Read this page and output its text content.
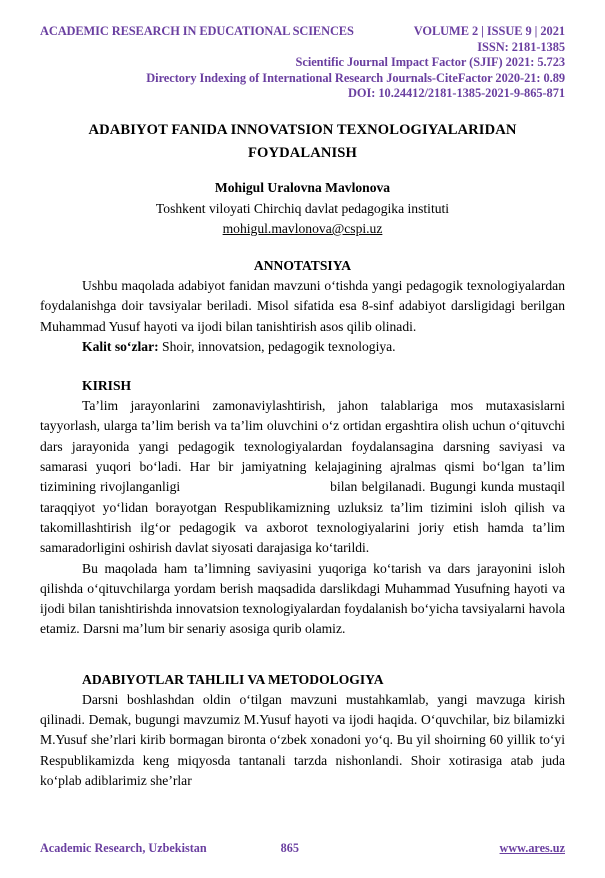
ACADEMIC RESEARCH IN EDUCATIONAL SCIENCES	VOLUME 2 | ISSUE 9 | 2021
ISSN: 2181-1385
Scientific Journal Impact Factor (SJIF) 2021: 5.723
Directory Indexing of International Research Journals-CiteFactor 2020-21: 0.89
DOI: 10.24412/2181-1385-2021-9-865-871
ADABIYOT FANIDA INNOVATSION TEXNOLOGIYALARIDAN FOYDALANISH
Mohigul Uralovna Mavlonova
Toshkent viloyati Chirchiq davlat pedagogika instituti
mohigul.mavlonova@cspi.uz
ANNOTATSIYA

Ushbu maqolada adabiyot fanidan mavzuni o‘tishda yangi pedagogik texnologiyalardan foydalanishga doir tavsiyalar beriladi. Misol sifatida esa 8-sinf adabiyot darsligidagi berilgan Muhammad Yusuf hayoti va ijodi bilan tanishtirish asos qilib olinadi.

Kalit so‘zlar: Shoir, innovatsion, pedagogik texnologiya.

KIRISH

Ta’lim jarayonlarini zamonaviylashtirish, jahon talablariga mos mutaxasislarni tayyorlash, ularga ta’lim berish va ta’lim oluvchini o‘z ortidan ergashtira olish uchun o‘qituvchi dars jarayonida yangi pedagogik texnologiyalardan foydalansagina darsning saviyasi va samarasi yuqori bo‘ladi. Har bir jamiyatning kelajagining ajralmas qismi bo‘lgan ta’lim tizimining rivojlanganligi	bilan belgilanadi. Bugungi kunda mustaqil taraqqiyot yo‘lidan borayotgan Respublikamizning uzluksiz ta’lim tizimini isloh qilish va takomillashtirish ilg‘or pedagogik va axborot texnologiyalarini joriy etish hamda ta’lim samaradorligini oshirish davlat siyosati darajasiga ko‘tarildi.

Bu maqolada ham ta’limning saviyasini yuqoriga ko‘tarish va dars jarayonini isloh qilishda o‘qituvchilarga yordam berish maqsadida darslikdagi Muhammad Yusufning hayoti va ijodi bilan tanishtirishda innovatsion texnologiyalardan foydalanish bo‘yicha tavsiyalarni havola etamiz. Darsni ma’lum bir senariy asosiga qurib olamiz.

ADABIYOTLAR TAHLILI VA METODOLOGIYA

Darsni boshlashdan oldin o‘tilgan mavzuni mustahkamlab, yangi mavzuga kirish qilinadi. Demak, bugungi mavzumiz M.Yusuf hayoti va ijodi haqida. O‘quvchilar, biz bilamizki M.Yusuf she’rlari kirib bormagan bironta o‘zbek xonadoni yo‘q. Bu yil shoirning 60 yillik to‘yi Respublikamizda keng miqyosda tantanali tarzda nishonlandi. Shoir xotirasiga atab juda ko‘plab adiblarimiz she’rlar

Academic Research, Uzbekistan	865	www.ares.uz
